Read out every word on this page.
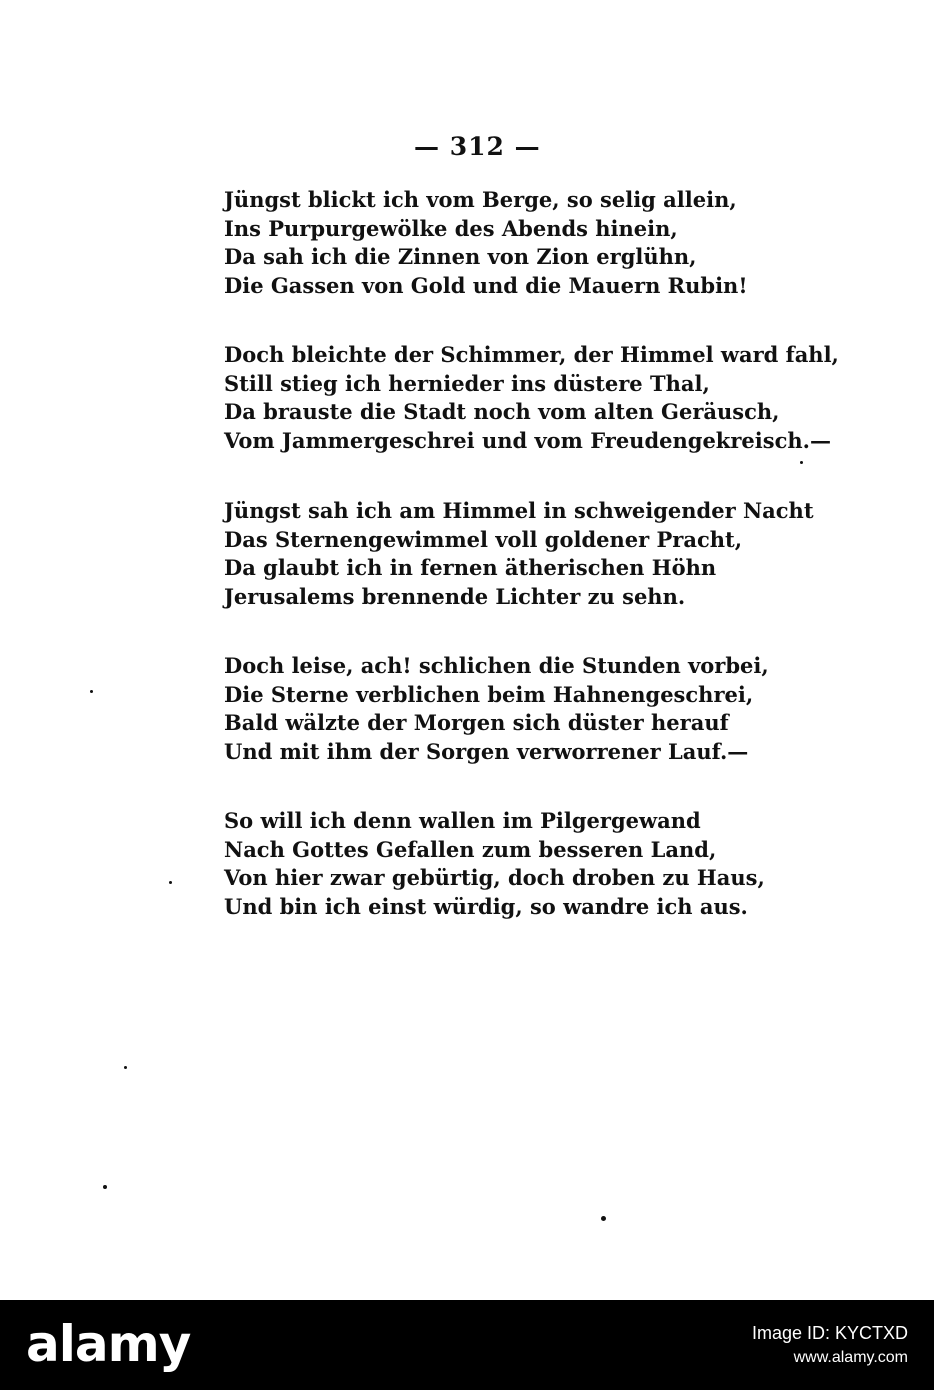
— 312 —
Jüngst blickt ich vom Berge, so selig allein,
Ins Purpurgewölke des Abends hinein,
Da sah ich die Zinnen von Zion erglühn,
Die Gassen von Gold und die Mauern Rubin!
Doch bleichte der Schimmer, der Himmel ward fahl,
Still stieg ich hernieder ins düstere Thal,
Da brauste die Stadt noch vom alten Geräusch,
Vom Jammergeschrei und vom Freudengekreisch.—
Jüngst sah ich am Himmel in schweigender Nacht
Das Sternengewimmel voll goldener Pracht,
Da glaubt ich in fernen ätherischen Höhn
Jerusalems brennende Lichter zu sehn.
Doch leise, ach! schlichen die Stunden vorbei,
Die Sterne verblichen beim Hahnengeschrei,
Bald wälzte der Morgen sich düster herauf
Und mit ihm der Sorgen verworrener Lauf.—
So will ich denn wallen im Pilgergewand
Nach Gottes Gefallen zum besseren Land,
Von hier zwar gebürtig, doch droben zu Haus,
Und bin ich einst würdig, so wandre ich aus.
alamy	Image ID: KYCTXD
www.alamy.com
